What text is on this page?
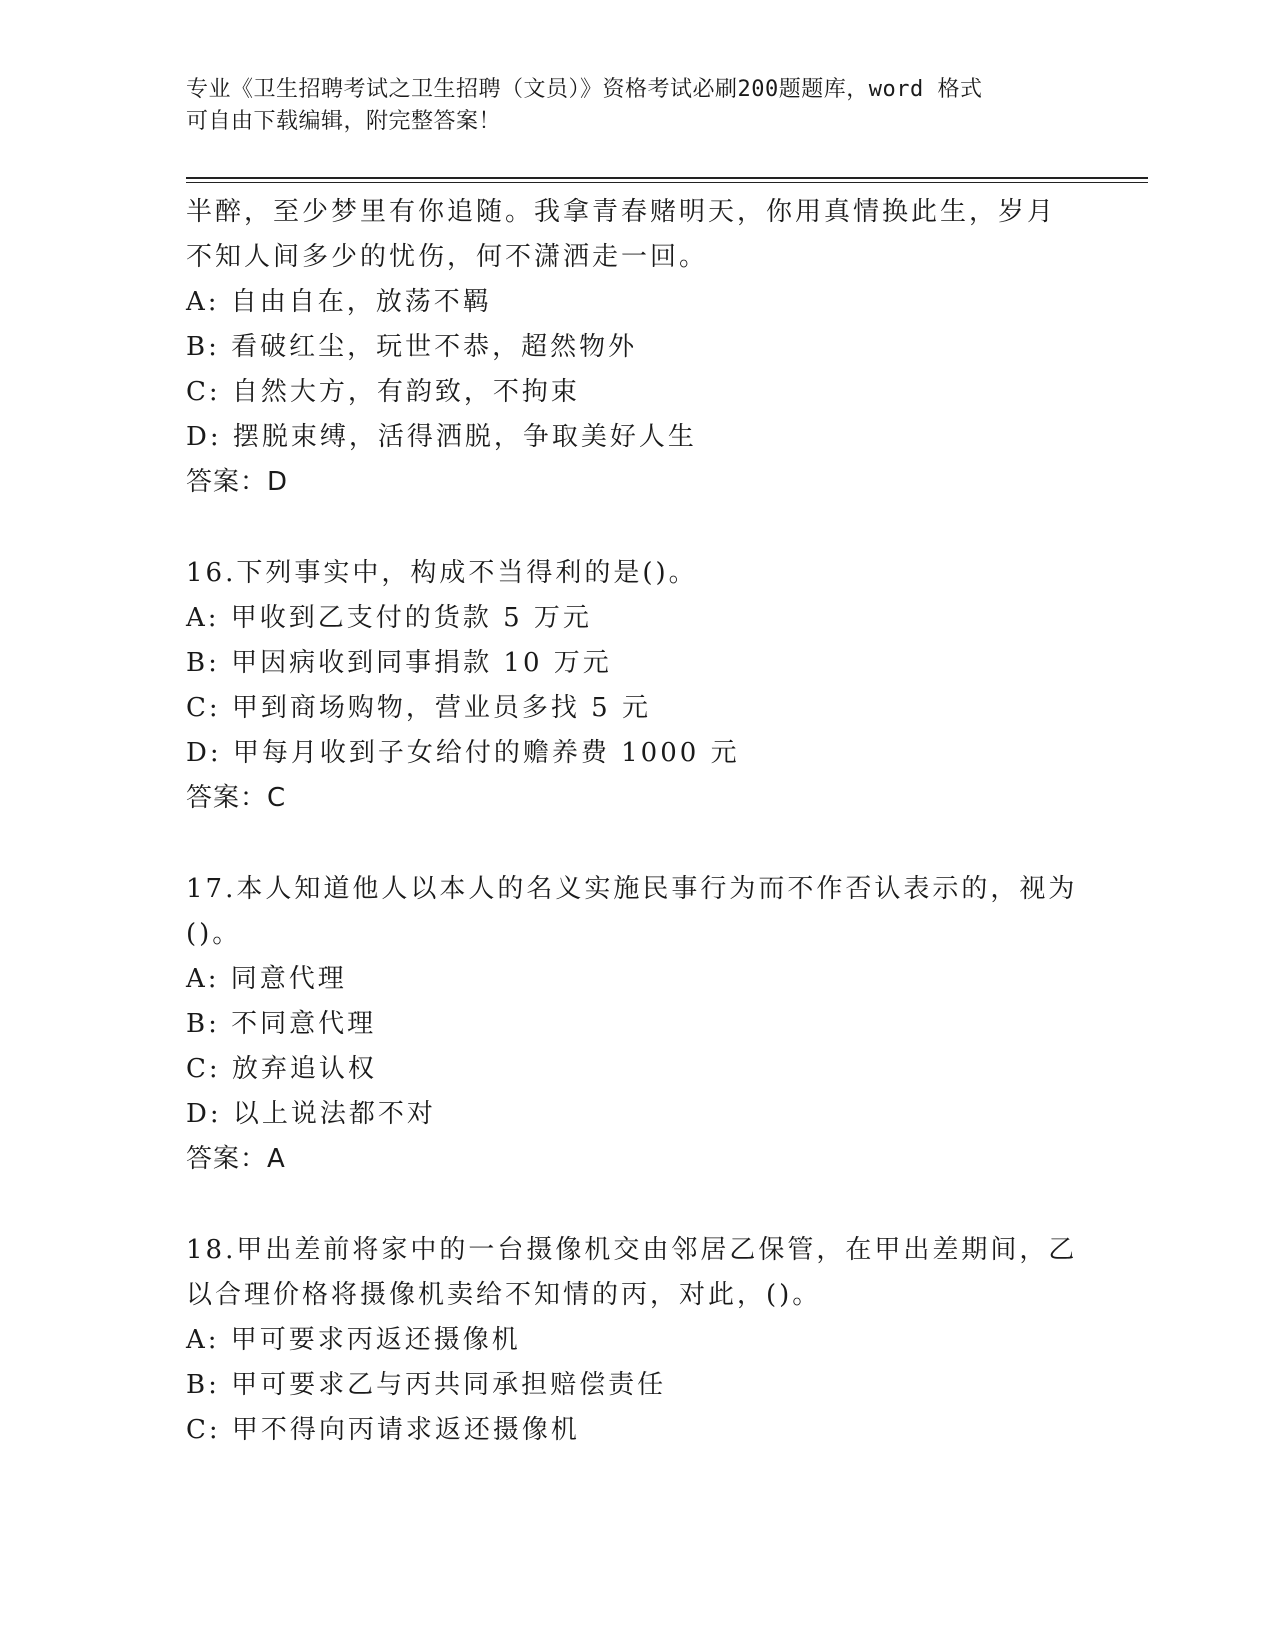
专业《卫生招聘考试之卫生招聘（文员）》资格考试必刷200题题库，word 格式
可自由下载编辑，附完整答案！
半醉，至少梦里有你追随。我拿青春赌明天，你用真情换此生，岁月
不知人间多少的忧伤，何不潇洒走一回。
A: 自由自在，放荡不羁
B: 看破红尘，玩世不恭，超然物外
C: 自然大方，有韵致，不拘束
D: 摆脱束缚，活得洒脱，争取美好人生
答案：D
16.下列事实中，构成不当得利的是()。
A: 甲收到乙支付的货款 5 万元
B: 甲因病收到同事捐款 10 万元
C: 甲到商场购物，营业员多找 5 元
D: 甲每月收到子女给付的赡养费 1000 元
答案：C
17.本人知道他人以本人的名义实施民事行为而不作否认表示的，视为
()。
A: 同意代理
B: 不同意代理
C: 放弃追认权
D: 以上说法都不对
答案：A
18.甲出差前将家中的一台摄像机交由邻居乙保管，在甲出差期间，乙
以合理价格将摄像机卖给不知情的丙，对此，()。
A: 甲可要求丙返还摄像机
B: 甲可要求乙与丙共同承担赔偿责任
C: 甲不得向丙请求返还摄像机
